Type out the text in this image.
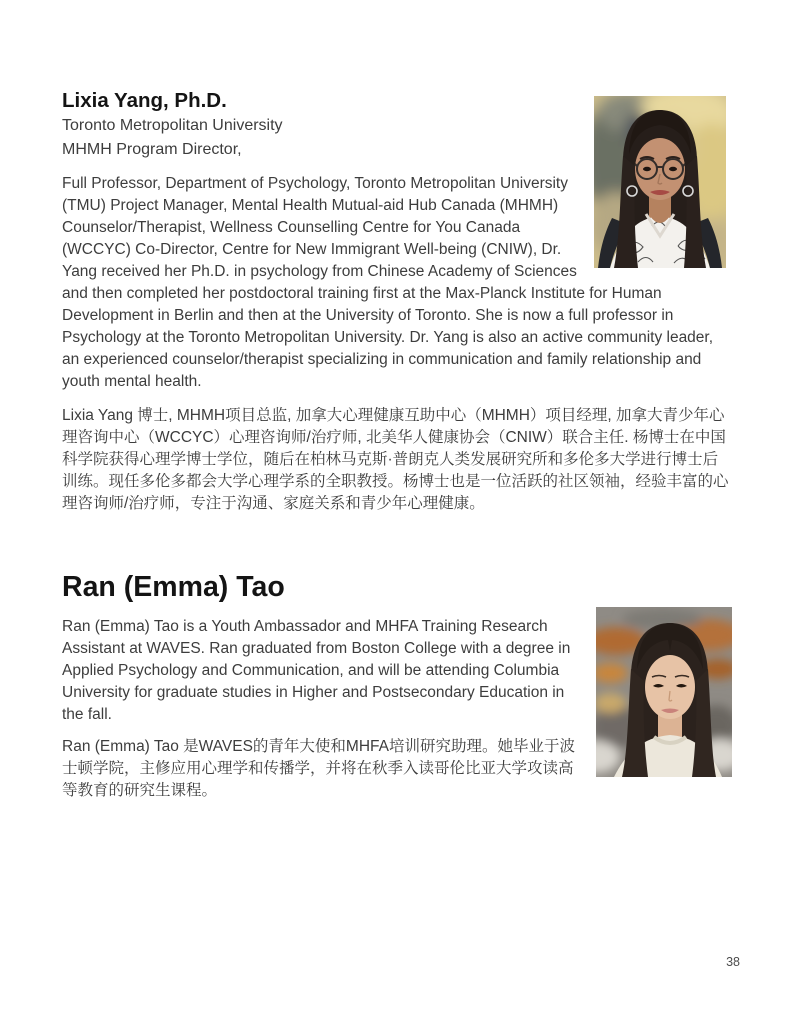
Lixia Yang, Ph.D.

Toronto Metropolitan University

MHMH Program Director,

Full Professor, Department of Psychology, Toronto Metropolitan University (TMU) Project Manager, Mental Health Mutual-aid Hub Canada (MHMH) Counselor/Therapist, Wellness Counselling Centre for You Canada (WCCYC) Co-Director, Centre for New Immigrant Well-being (CNIW), Dr. Yang received her Ph.D. in psychology from Chinese Academy of Sciences and then completed her postdoctoral training first at the Max-Planck Institute for Human Development in Berlin and then at the University of Toronto. She is now a full professor in Psychology at the Toronto Metropolitan University. Dr. Yang is also an active community leader, an experienced counselor/therapist specializing in communication and family relationship and youth mental health.

Lixia Yang 博士, MHMH项目总监, 加拿大心理健康互助中心（MHMH）项目经理, 加拿大青少年心理咨询中心（WCCYC）心理咨询师/治疗师, 北美华人健康协会（CNIW）联合主任. 杨博士在中国科学院获得心理学博士学位，随后在柏林马克斯·普朗克人类发展研究所和多伦多大学进行博士后训练。现任多伦多都会大学心理学系的全职教授。杨博士也是一位活跃的社区领袖，经验丰富的心理咨询师/治疗师，专注于沟通、家庭关系和青少年心理健康。

Ran (Emma) Tao

Ran (Emma) Tao is a Youth Ambassador and MHFA Training Research Assistant at WAVES. Ran graduated from Boston College with a degree in Applied Psychology and Communication, and will be attending Columbia University for graduate studies in Higher and Postsecondary Education in the fall.

Ran (Emma) Tao 是WAVES的青年大使和MHFA培训研究助理。她毕业于波士顿学院，主修应用心理学和传播学，并将在秋季入读哥伦比亚大学攻读高等教育的研究生课程。

38
